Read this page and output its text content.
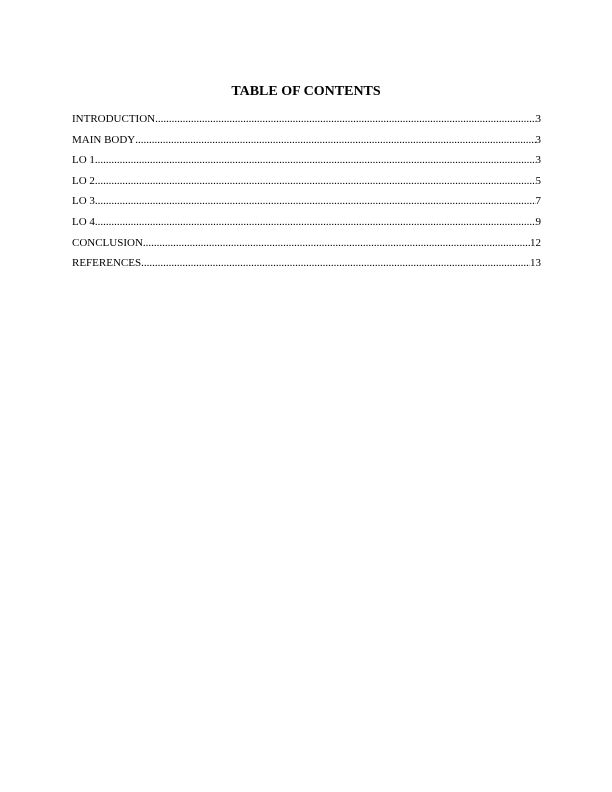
TABLE OF CONTENTS
INTRODUCTION .....	3
MAIN BODY .....	3
LO 1 .....	3
LO 2 .....	5
LO 3 .....	7
LO 4 .....	9
CONCLUSION .....	12
REFERENCES .....	13
